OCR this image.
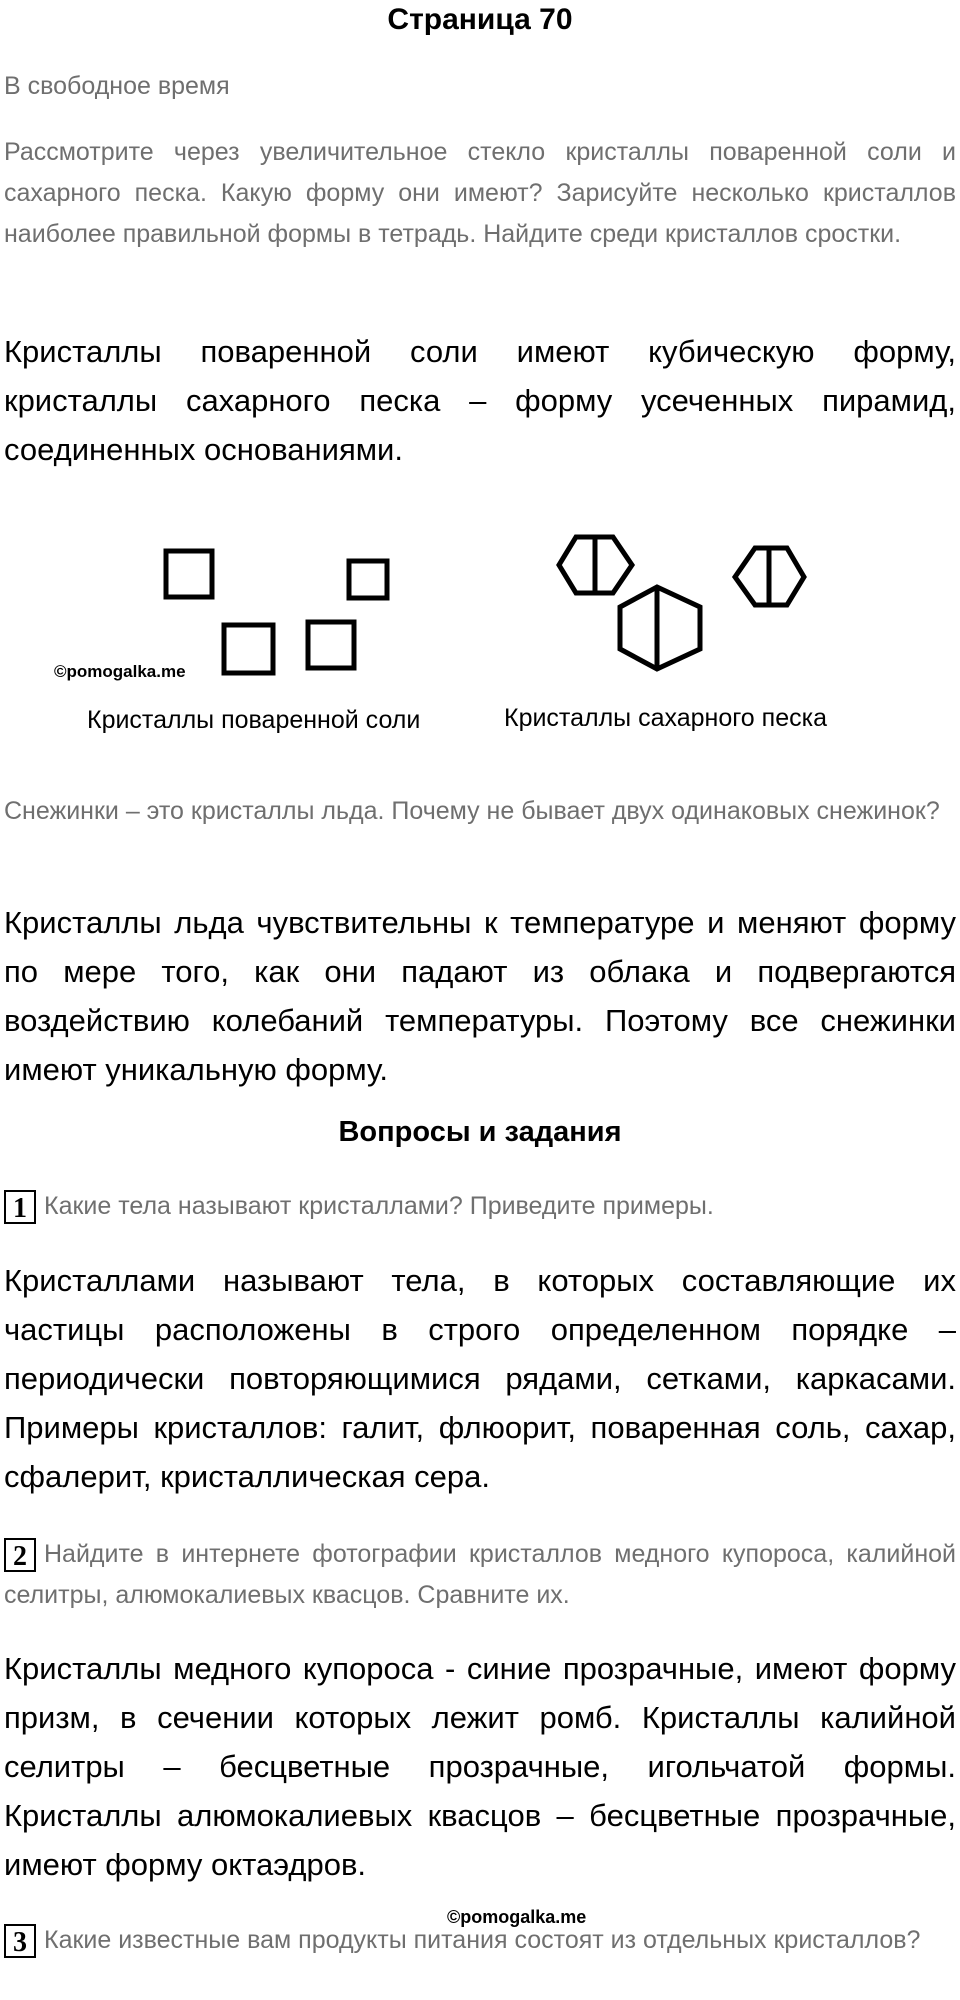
Страница 70
В свободное время
Рассмотрите через увеличительное стекло кристаллы поваренной соли и сахарного песка. Какую форму они имеют? Зарисуйте несколько кристаллов наиболее правильной формы в тетрадь. Найдите среди кристаллов сростки.
Кристаллы поваренной соли имеют кубическую форму, кристаллы сахарного песка – форму усеченных пирамид, соединенных основаниями.
©pomogalka.me
Кристаллы поваренной соли	Кристаллы сахарного песка
Снежинки – это кристаллы льда. Почему не бывает двух одинаковых снежинок?
Кристаллы льда чувствительны к температуре и меняют форму по мере того, как они падают из облака и подвергаются воздействию колебаний температуры. Поэтому все снежинки имеют уникальную форму.
Вопросы и задания
1 Какие тела называют кристаллами? Приведите примеры.
Кристаллами называют тела, в которых составляющие их частицы расположены в строго определенном порядке – периодически повторяющимися рядами, сетками, каркасами. Примеры кристаллов: галит, флюорит, поваренная соль, сахар, сфалерит, кристаллическая сера.
2 Найдите в интернете фотографии кристаллов медного купороса, калийной селитры, алюмокалиевых квасцов. Сравните их.
Кристаллы медного купороса - синие прозрачные, имеют форму призм, в сечении которых лежит ромб. Кристаллы калийной селитры – бесцветные прозрачные, игольчатой формы. Кристаллы алюмокалиевых квасцов – бесцветные прозрачные, имеют форму октаэдров.
©pomogalka.me
3 Какие известные вам продукты питания состоят из отдельных кристаллов?
